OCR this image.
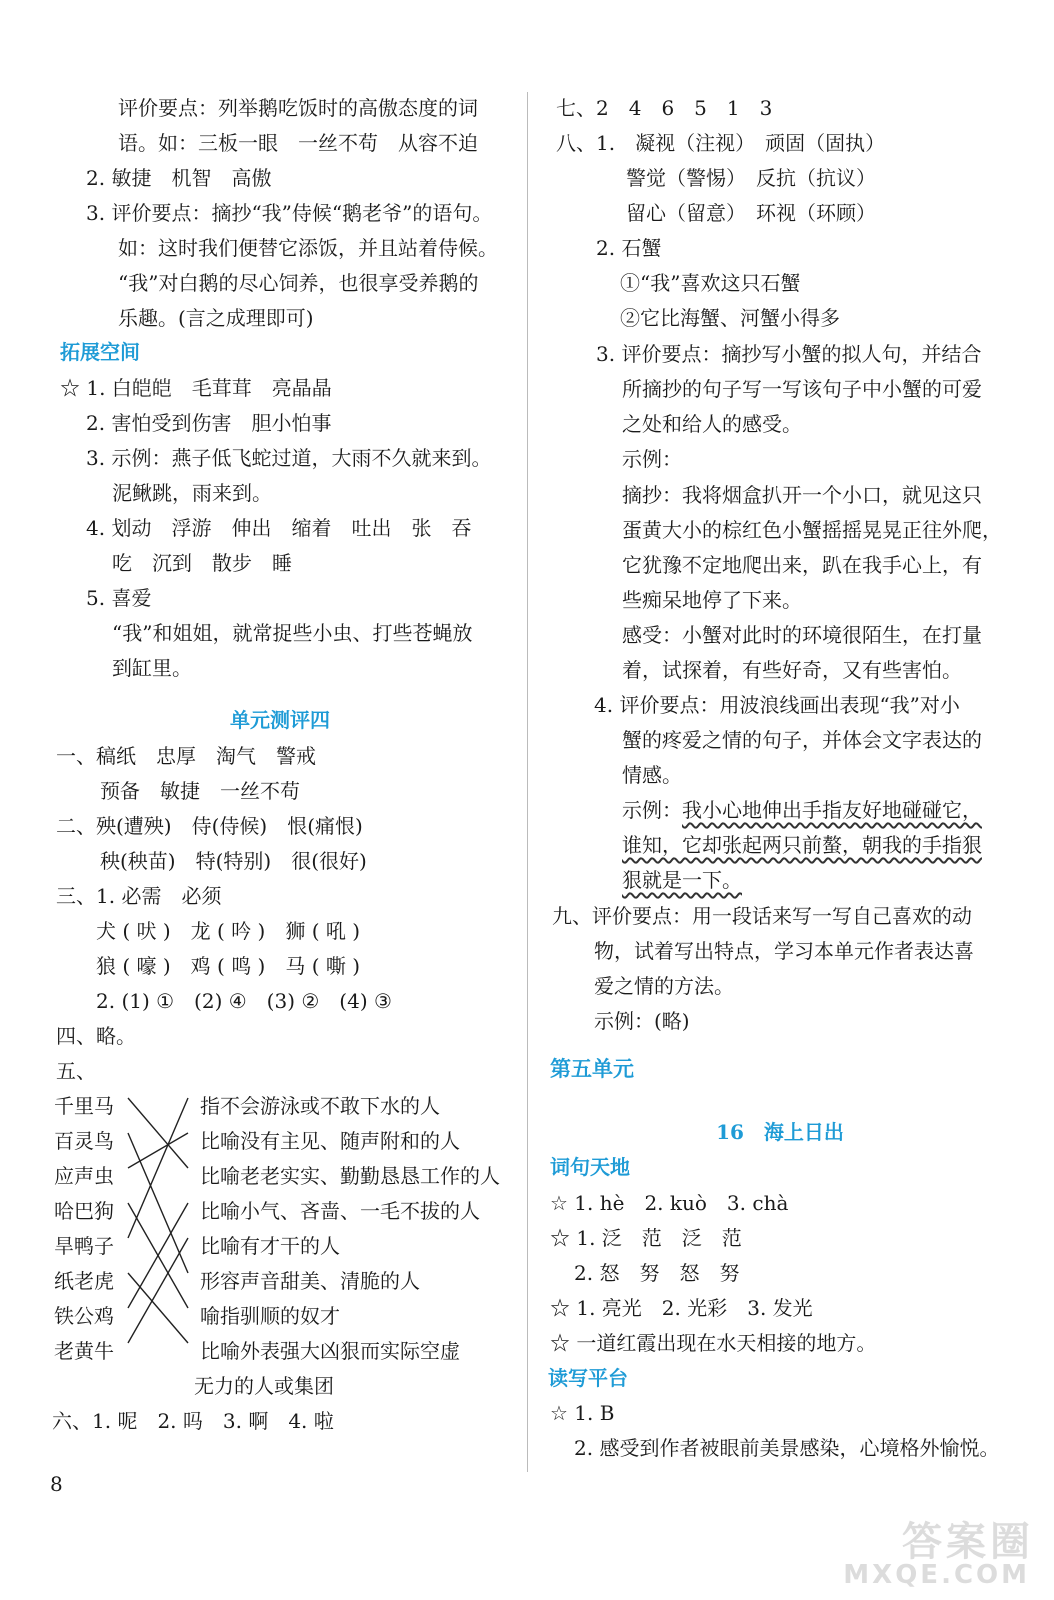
评价要点：列举鹅吃饭时的高傲态度的词
语。如：三板一眼　一丝不苟　从容不迫
2. 敏捷　机智　高傲
3. 评价要点：摘抄“我”侍候“鹅老爷”的语句。
如：这时我们便替它添饭，并且站着侍候。
“我”对白鹅的尽心饲养，也很享受养鹅的
乐趣。(言之成理即可)
拓展空间
☆ 1. 白皑皑　毛茸茸　亮晶晶
2. 害怕受到伤害　胆小怕事
3. 示例：燕子低飞蛇过道，大雨不久就来到。
泥鳅跳，雨来到。
4. 划动　浮游　伸出　缩着　吐出　张　吞
吃　沉到　散步　睡
5. 喜爱
“我”和姐姐，就常捉些小虫、打些苍蝇放
到缸里。
单元测评四
一、稿纸　忠厚　淘气　警戒
预备　敏捷　一丝不苟
二、殃(遭殃)　侍(侍候)　恨(痛恨)
秧(秧苗)　特(特别)　很(很好)
三、1. 必需　必须
犬 ( 吠 )　龙 ( 吟 )　狮 ( 吼 )
狼 ( 嚎 )　鸡 ( 鸣 )　马 ( 嘶 )
2. (1) ①　(2) ④　(3) ②　(4) ③
四、略。
五、
千里马
百灵鸟
应声虫
哈巴狗
旱鸭子
纸老虎
铁公鸡
老黄牛
指不会游泳或不敢下水的人
比喻没有主见、随声附和的人
比喻老老实实、勤勤恳恳工作的人
比喻小气、吝啬、一毛不拔的人
比喻有才干的人
形容声音甜美、清脆的人
喻指驯顺的奴才
比喻外表强大凶狠而实际空虚
无力的人或集团
六、1. 呢　2. 吗　3. 啊　4. 啦
七、2　4　6　5　1　3
八、1.　凝视（注视）　顽固（固执）
警觉（警惕）　反抗（抗议）
留心（留意）　环视（环顾）
2. 石蟹
①“我”喜欢这只石蟹
②它比海蟹、河蟹小得多
3. 评价要点：摘抄写小蟹的拟人句，并结合
所摘抄的句子写一写该句子中小蟹的可爱
之处和给人的感受。
示例：
摘抄：我将烟盒扒开一个小口，就见这只
蛋黄大小的棕红色小蟹摇摇晃晃正往外爬，
它犹豫不定地爬出来，趴在我手心上，有
些痴呆地停了下来。
感受：小蟹对此时的环境很陌生，在打量
着，试探着，有些好奇，又有些害怕。
4. 评价要点：用波浪线画出表现“我”对小
蟹的疼爱之情的句子，并体会文字表达的
情感。
示例：我小心地伸出手指友好地碰碰它，
谁知，它却张起两只前螯，朝我的手指狠
狠就是一下。
九、评价要点：用一段话来写一写自己喜欢的动
物，试着写出特点，学习本单元作者表达喜
爱之情的方法。
示例：(略)
第五单元
16　海上日出
词句天地
☆ 1. hè　2. kuò　3. chà
☆ 1. 泛　范　泛　范
2. 怒　努　怒　努
☆ 1. 亮光　2. 光彩　3. 发光
☆ 一道红霞出现在水天相接的地方。
读写平台
☆ 1. B
2. 感受到作者被眼前美景感染，心境格外愉悦。
8
答案圈
MXQE.COM
